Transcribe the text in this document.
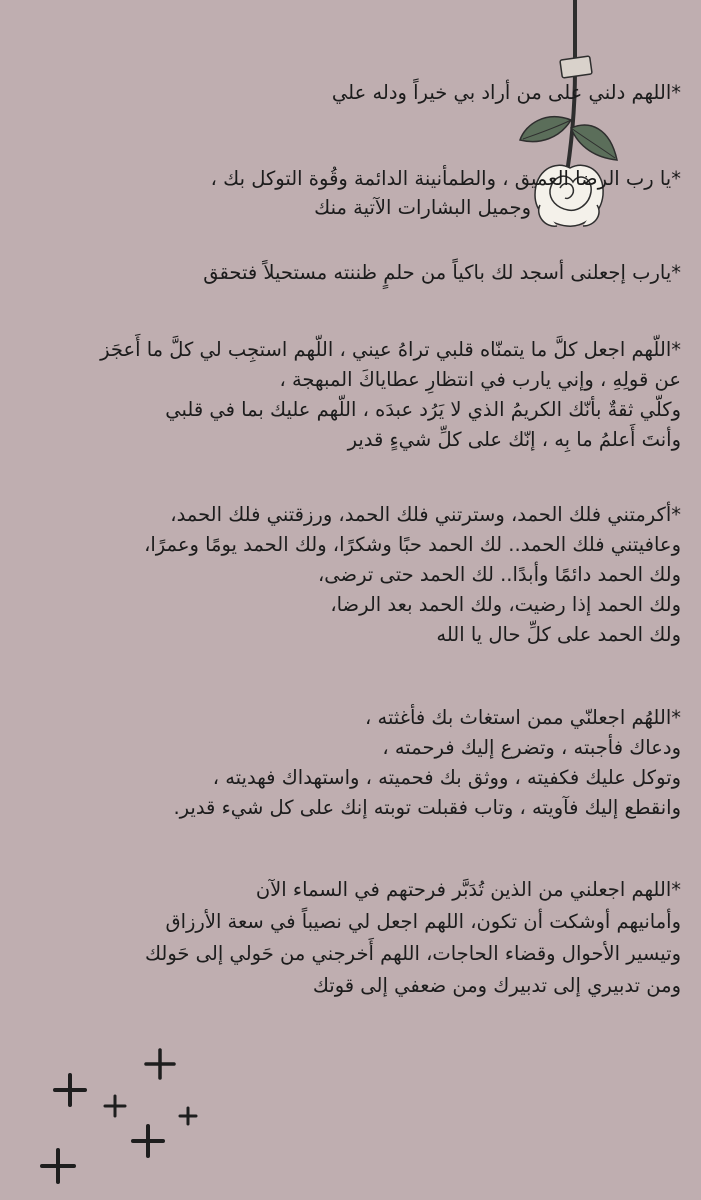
*اللهم دلني على من أراد بي خيراً ودله علي
*يا رب الرضا العميق ، والطمأنينة الدائمة وقُوة التوكل بك ،
وجميل البشارات الآتية منك
*يارب إجعلنى أسجد لك باكياً من حلمٍ ظننته مستحيلاً فتحقق
*اللّهم اجعل كلَّ ما يتمنّاه قلبي تراهُ عيني ، اللّهم استجِب لي كلَّ ما أَعجَز
عن قولِهِ ، وإني يارب في انتظارِ عطاياكَ المبهجة ،
وكلّي ثقةٌ بأنّك الكريمُ الذي لا يَرُد عبدَه ، اللّهم عليك بما في قلبي
وأنتَ أَعلمُ ما بِه ، إنّك على كلِّ شيءٍ قدير
*أكرمتني فلك الحمد، وسترتني فلك الحمد، ورزقتني فلك الحمد،
وعافيتني فلك الحمد.. لك الحمد حبًا وشكرًا، ولك الحمد يومًا وعمرًا،
ولك الحمد دائمًا وأبدًا.. لك الحمد حتى ترضى،
ولك الحمد إذا رضيت، ولك الحمد بعد الرضا،
ولك الحمد على كلِّ حال يا الله
*اللهُم اجعلنّي ممن استغاث بك فأغثته ،
ودعاك فأجبته ، وتضرع إليك فرحمته ،
وتوكل عليك فكفيته ، ووثق بك فحميته ، واستهداك فهديته ،
وانقطع إليك فآويته ، وتاب فقبلت توبته إنك على كل شيء قدير.
*اللهم اجعلني من الذين تُدَبَّر فرحتهم في السماء الآن
وأمانيهم أوشكت أن تكون، اللهم اجعل لي نصيباً في سعة الأرزاق
وتيسير الأحوال وقضاء الحاجات، اللهم أَخرجني من حَولي إلى حَولك
ومن تدبيري إلى تدبيرك ومن ضعفي إلى قوتك
